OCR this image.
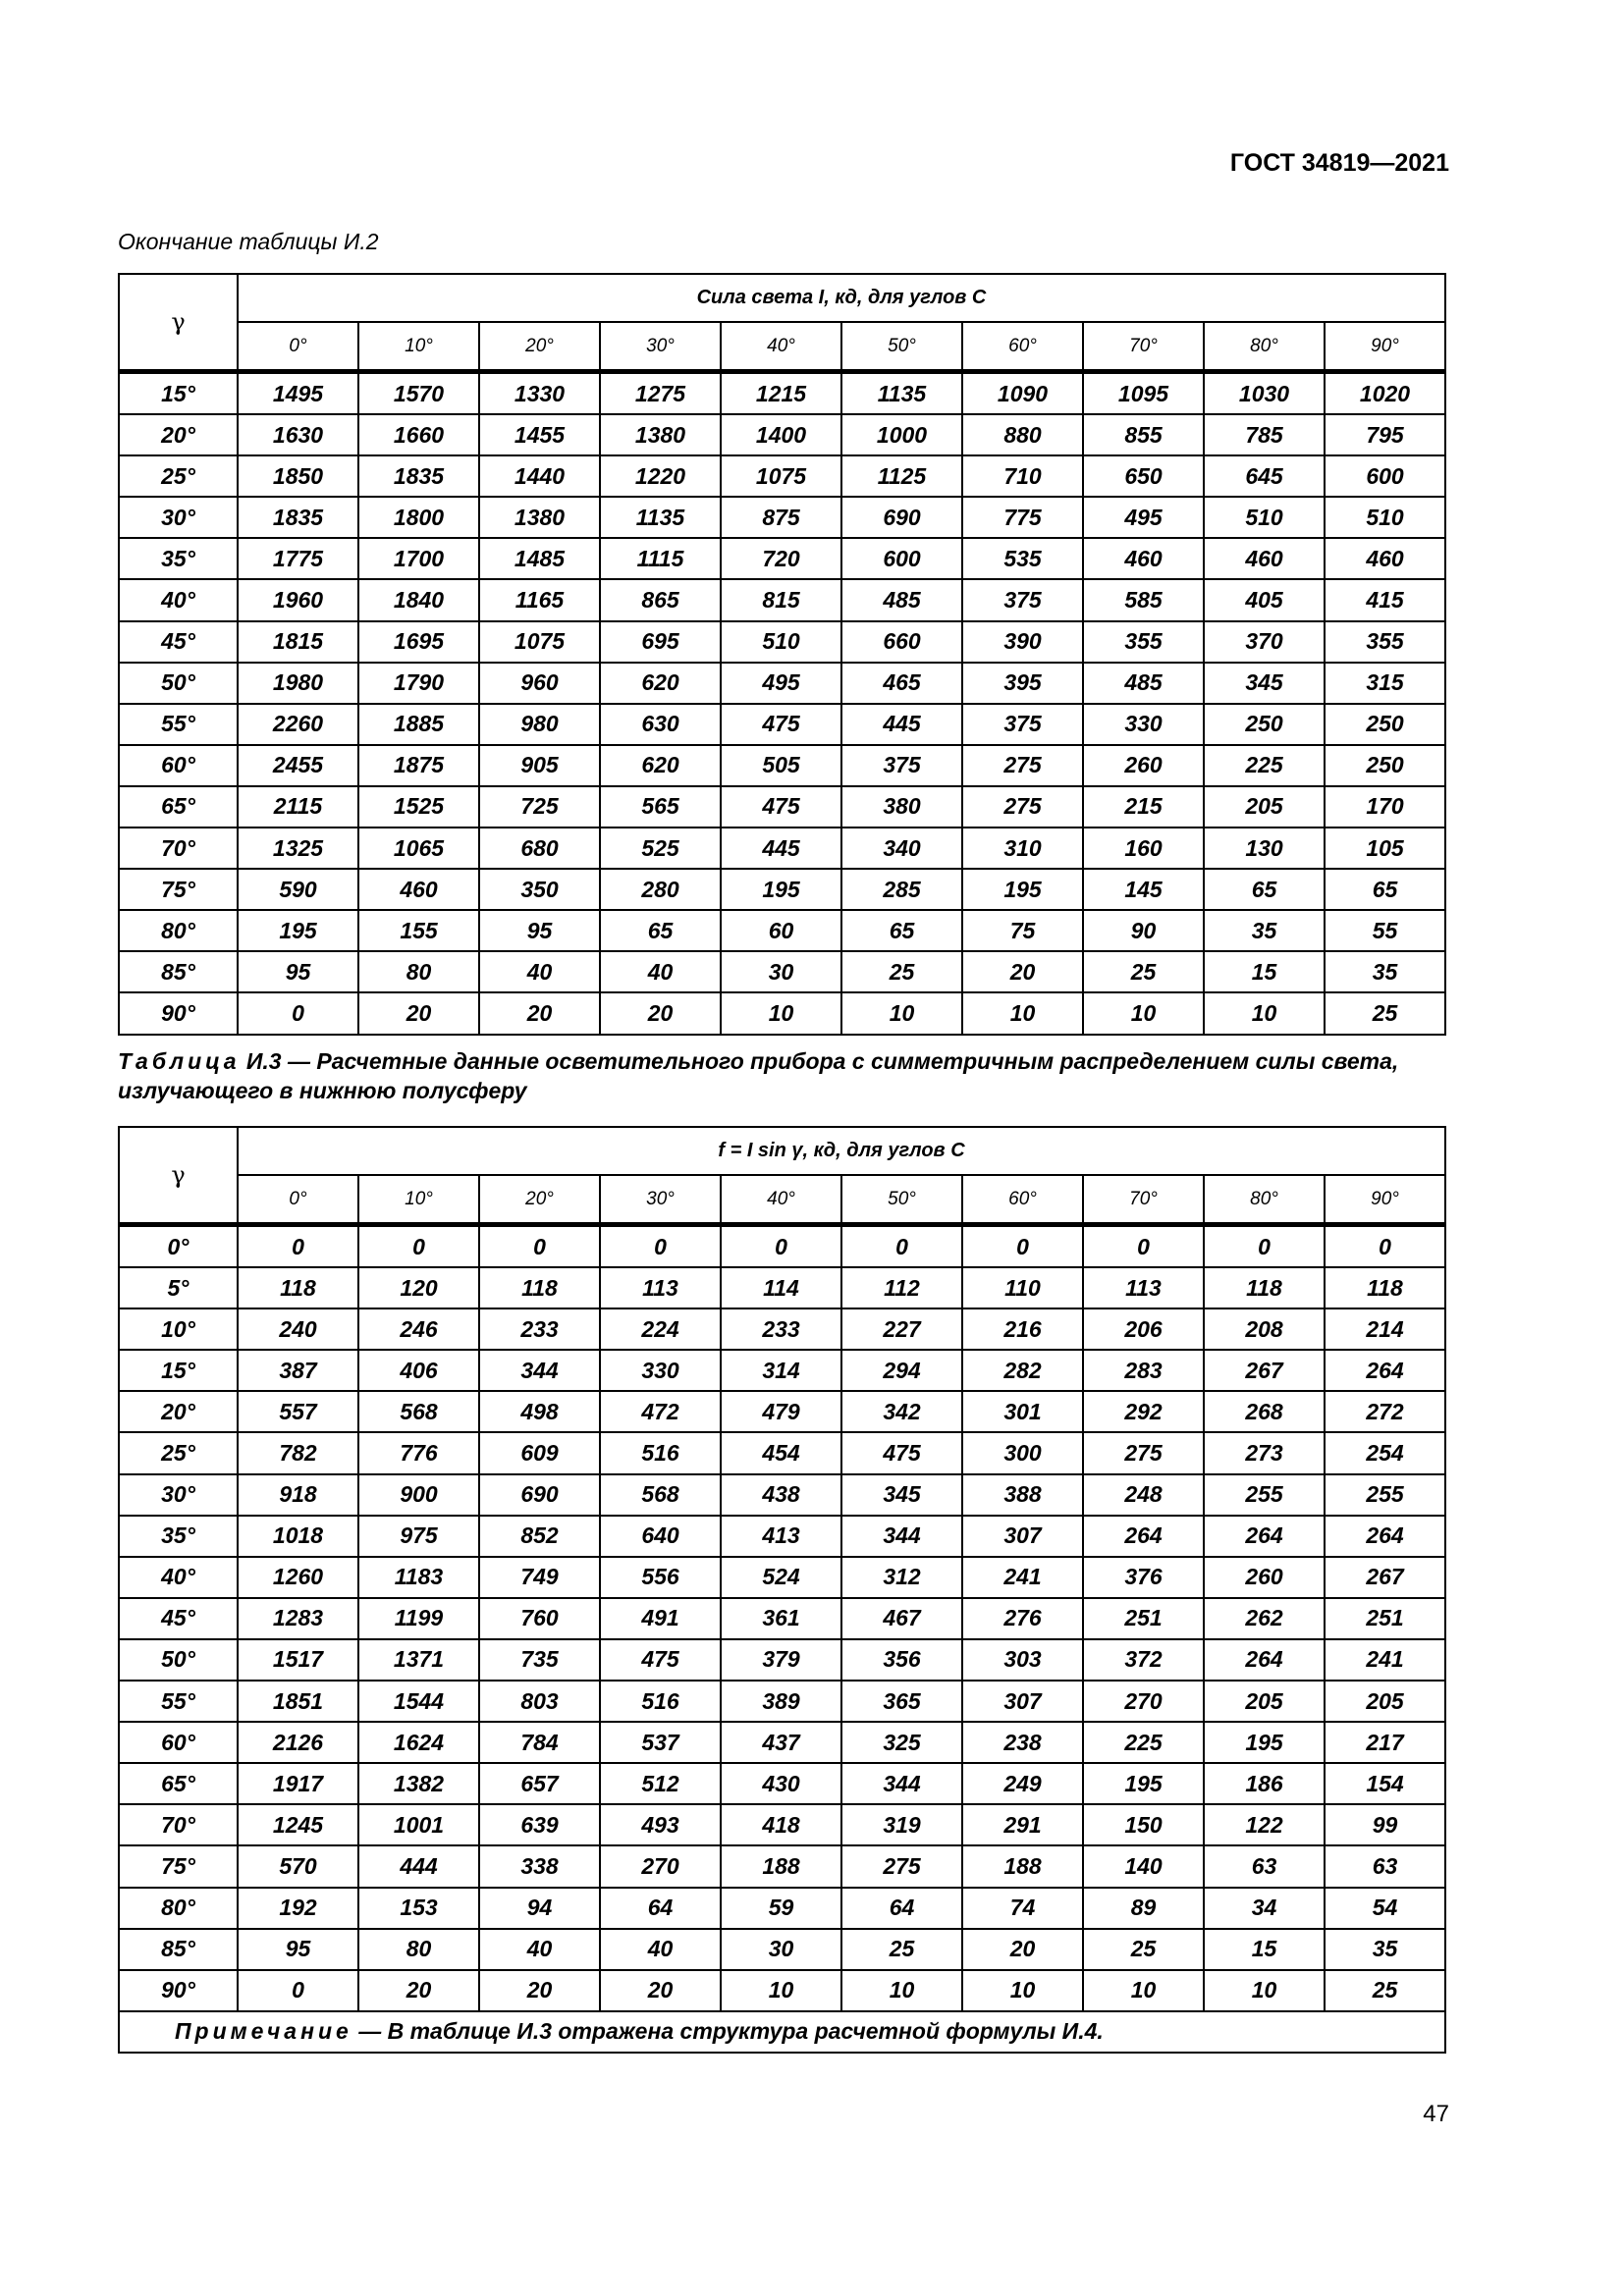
ГОСТ 34819—2021
Окончание таблицы И.2
γ	Сила света I, кд, для углов C									
	0°	10°	20°	30°	40°	50°	60°	70°	80°	90°
15°	1495	1570	1330	1275	1215	1135	1090	1095	1030	1020
20°	1630	1660	1455	1380	1400	1000	880	855	785	795
25°	1850	1835	1440	1220	1075	1125	710	650	645	600
30°	1835	1800	1380	1135	875	690	775	495	510	510
35°	1775	1700	1485	1115	720	600	535	460	460	460
40°	1960	1840	1165	865	815	485	375	585	405	415
45°	1815	1695	1075	695	510	660	390	355	370	355
50°	1980	1790	960	620	495	465	395	485	345	315
55°	2260	1885	980	630	475	445	375	330	250	250
60°	2455	1875	905	620	505	375	275	260	225	250
65°	2115	1525	725	565	475	380	275	215	205	170
70°	1325	1065	680	525	445	340	310	160	130	105
75°	590	460	350	280	195	285	195	145	65	65
80°	195	155	95	65	60	65	75	90	35	55
85°	95	80	40	40	30	25	20	25	15	35
90°	0	20	20	20	10	10	10	10	10	25
Таблица И.3 — Расчетные данные осветительного прибора с симметричным распределением силы света, излучающего в нижнюю полусферу
γ	f = I sin γ, кд, для углов C									
	0°	10°	20°	30°	40°	50°	60°	70°	80°	90°
0°	0	0	0	0	0	0	0	0	0	0
5°	118	120	118	113	114	112	110	113	118	118
10°	240	246	233	224	233	227	216	206	208	214
15°	387	406	344	330	314	294	282	283	267	264
20°	557	568	498	472	479	342	301	292	268	272
25°	782	776	609	516	454	475	300	275	273	254
30°	918	900	690	568	438	345	388	248	255	255
35°	1018	975	852	640	413	344	307	264	264	264
40°	1260	1183	749	556	524	312	241	376	260	267
45°	1283	1199	760	491	361	467	276	251	262	251
50°	1517	1371	735	475	379	356	303	372	264	241
55°	1851	1544	803	516	389	365	307	270	205	205
60°	2126	1624	784	537	437	325	238	225	195	217
65°	1917	1382	657	512	430	344	249	195	186	154
70°	1245	1001	639	493	418	319	291	150	122	99
75°	570	444	338	270	188	275	188	140	63	63
80°	192	153	94	64	59	64	74	89	34	54
85°	95	80	40	40	30	25	20	25	15	35
90°	0	20	20	20	10	10	10	10	10	25
Примечание — В таблице И.3 отражена структура расчетной формулы И.4.										
47
